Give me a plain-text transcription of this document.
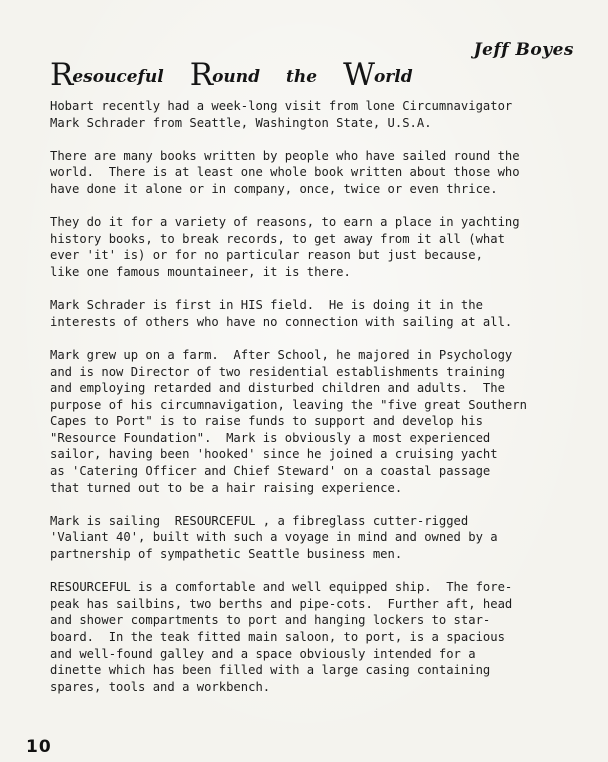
Jeff Boyes
Resouceful Round the World
Hobart recently had a week-long visit from lone Circumnavigator
Mark Schrader from Seattle, Washington State, U.S.A.
There are many books written by people who have sailed round the
world.  There is at least one whole book written about those who
have done it alone or in company, once, twice or even thrice.
They do it for a variety of reasons, to earn a place in yachting
history books, to break records, to get away from it all (what
ever 'it' is) or for no particular reason but just because,
like one famous mountaineer, it is there.
Mark Schrader is first in HIS field.  He is doing it in the
interests of others who have no connection with sailing at all.
Mark grew up on a farm.  After School, he majored in Psychology
and is now Director of two residential establishments training
and employing retarded and disturbed children and adults.  The
purpose of his circumnavigation, leaving the "five great Southern
Capes to Port" is to raise funds to support and develop his
"Resource Foundation".  Mark is obviously a most experienced
sailor, having been 'hooked' since he joined a cruising yacht
as 'Catering Officer and Chief Steward' on a coastal passage
that turned out to be a hair raising experience.
Mark is sailing  RESOURCEFUL , a fibreglass cutter-rigged
'Valiant 40', built with such a voyage in mind and owned by a
partnership of sympathetic Seattle business men.
RESOURCEFUL is a comfortable and well equipped ship.  The fore-
peak has sailbins, two berths and pipe-cots.  Further aft, head
and shower compartments to port and hanging lockers to star-
board.  In the teak fitted main saloon, to port, is a spacious
and well-found galley and a space obviously intended for a
dinette which has been filled with a large casing containing
spares, tools and a workbench.
10
